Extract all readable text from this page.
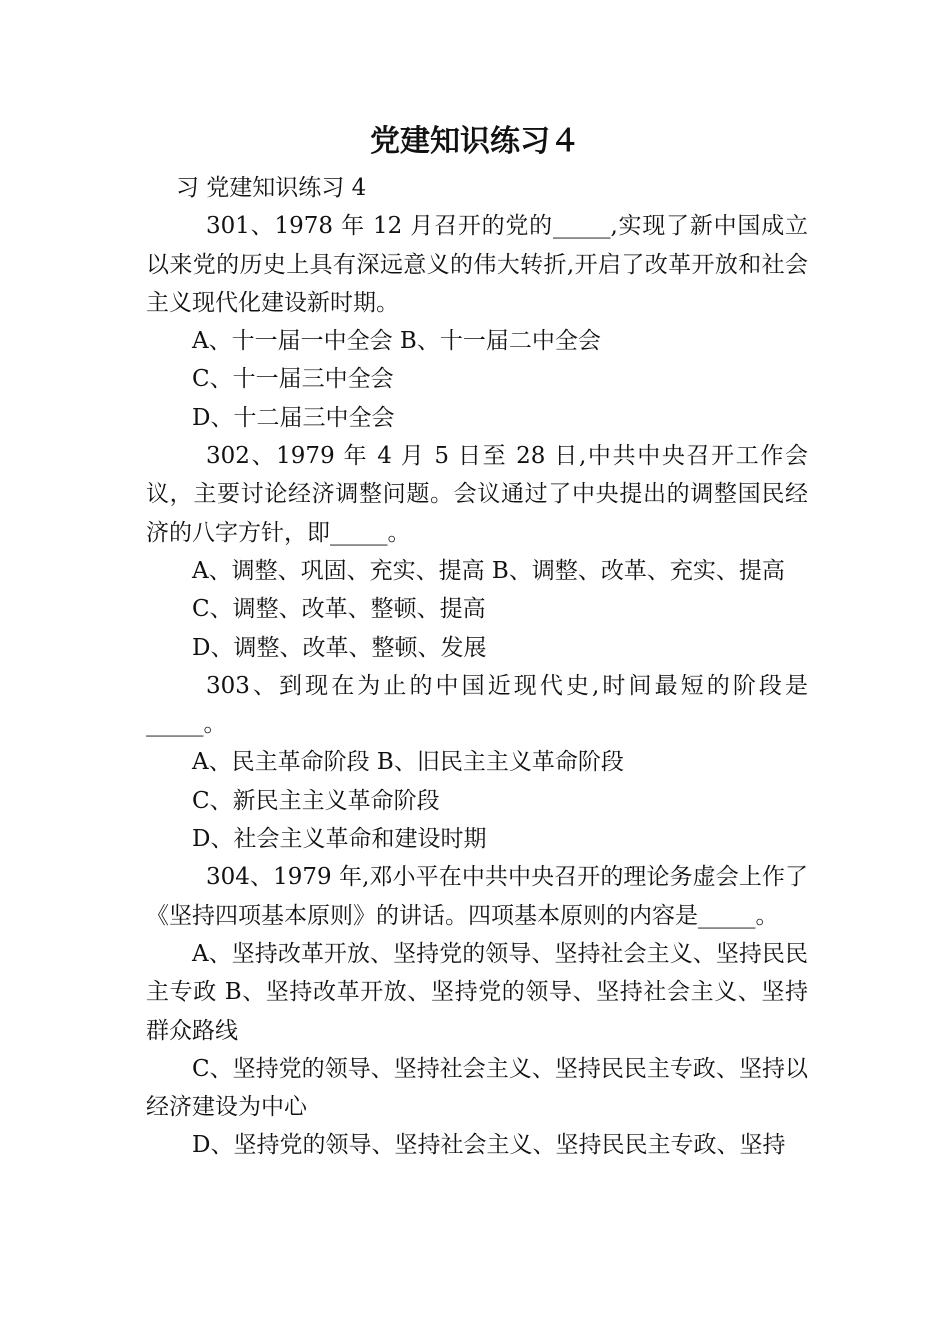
党建知识练习４

习 党建知识练习 4

301、1978 年 12 月召开的党的_____,实现了新中国成立以来党的历史上具有深远意义的伟大转折,开启了改革开放和社会主义现代化建设新时期。

A、十一届一中全会 B、十一届二中全会

C、十一届三中全会

D、十二届三中全会

302、1979 年 4 月 5 日至 28 日,中共中央召开工作会议，主要讨论经济调整问题。会议通过了中央提出的调整国民经济的八字方针，即_____。

A、调整、巩固、充实、提高 B、调整、改革、充实、提高

C、调整、改革、整顿、提高

D、调整、改革、整顿、发展

303、到现在为止的中国近现代史,时间最短的阶段是_____。

A、民主革命阶段 B、旧民主主义革命阶段

C、新民主主义革命阶段

D、社会主义革命和建设时期

304、1979 年,邓小平在中共中央召开的理论务虚会上作了《坚持四项基本原则》的讲话。四项基本原则的内容是_____。

A、坚持改革开放、坚持党的领导、坚持社会主义、坚持民民主专政 B、坚持改革开放、坚持党的领导、坚持社会主义、坚持群众路线

C、坚持党的领导、坚持社会主义、坚持民民主专政、坚持以经济建设为中心

D、坚持党的领导、坚持社会主义、坚持民民主专政、坚持
